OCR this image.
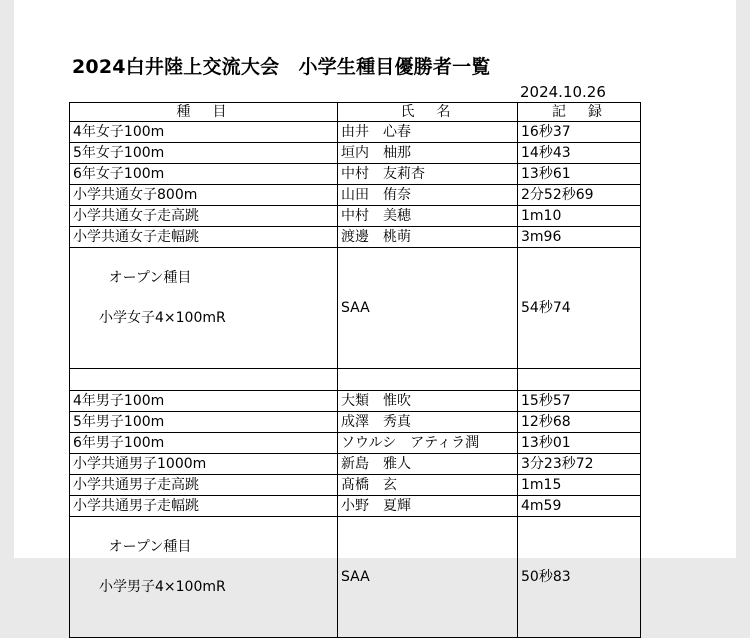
2024白井陸上交流大会　小学生種目優勝者一覧
2024.10.26
種　目	氏　名	記　録
4年女子100m	由井　心春	16秒37
5年女子100m	垣内　柚那	14秒43
6年女子100m	中村　友莉杏	13秒61
小学共通女子800m	山田　侑奈	2分52秒69
小学共通女子走高跳	中村　美穂	1m10
小学共通女子走幅跳	渡邊　桃萌	3m96

オープン種目

小学女子4×100mR	SAA	54秒74

4年男子100m	大類　惟吹	15秒57
5年男子100m	成澤　秀真	12秒68
6年男子100m	ソウルシ　アティラ潤	13秒01
小学共通男子1000m	新島　雅人	3分23秒72
小学共通男子走高跳	髙橋　玄	1m15
小学共通男子走幅跳	小野　夏輝	4m59

オープン種目

小学男子4×100mR	SAA	50秒83
